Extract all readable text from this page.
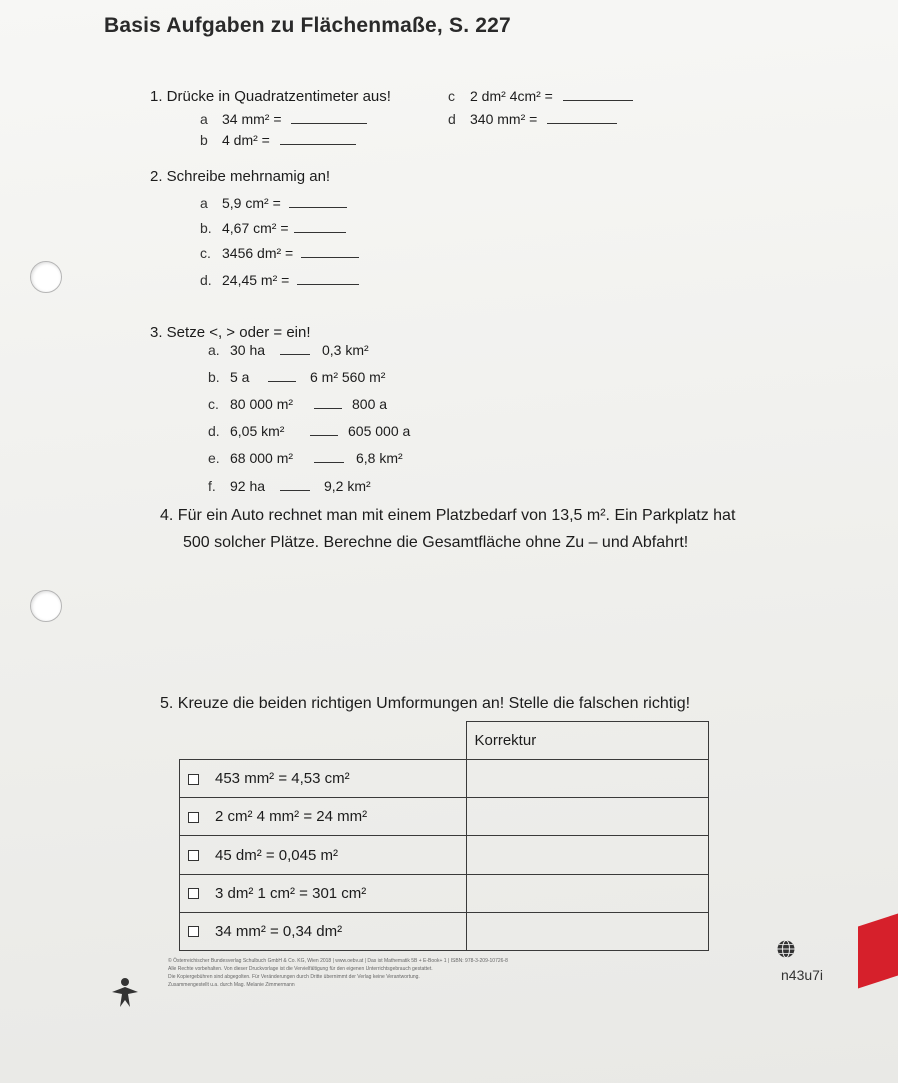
Basis Aufgaben zu Flächenmaße, S. 227
1. Drücke in Quadratzentimeter aus!
a 34 mm² =
b 4 dm² =
c 2 dm² 4cm² =
d 340 mm² =
2. Schreibe mehrnamig an!
a 5,9 cm² =
b. 4,67 cm² =
c. 3456 dm² =
d. 24,45 m² =
3. Setze <, > oder = ein!
a. 30 ha	0,3 km²
b. 5 a	6 m² 560 m²
c. 80 000 m²	800 a
d. 6,05 km²	605 000 a
e. 68 000 m²	6,8 km²
f. 92 ha	9,2 km²
4. Für ein Auto rechnet man mit einem Platzbedarf von 13,5 m². Ein Parkplatz hat
500 solcher Plätze. Berechne die Gesamtfläche ohne Zu – und Abfahrt!
5. Kreuze die beiden richtigen Umformungen an! Stelle die falschen richtig!
	Korrektur
453 mm² = 4,53 cm²	
2 cm² 4 mm² = 24 mm²	
45 dm² = 0,045 m²	
3 dm² 1 cm² = 301 cm²	
34 mm² = 0,34 dm²	
© Österreichischer Bundesverlag Schulbuch GmbH & Co. KG, Wien 2018 | www.oebv.at | Das ist Mathematik 5B + E-Book+ 1 | ISBN: 978-3-209-10726-8
Alle Rechte vorbehalten. Von dieser Druckvorlage ist die Vervielfältigung für den eigenen Unterrichtsgebrauch gestattet.
Die Kopiergebühren sind abgegolten. Für Veränderungen durch Dritte übernimmt der Verlag keine Verantwortung.
Zusammengestellt u.a. durch Mag. Melanie Zimmermann
n43u7i
